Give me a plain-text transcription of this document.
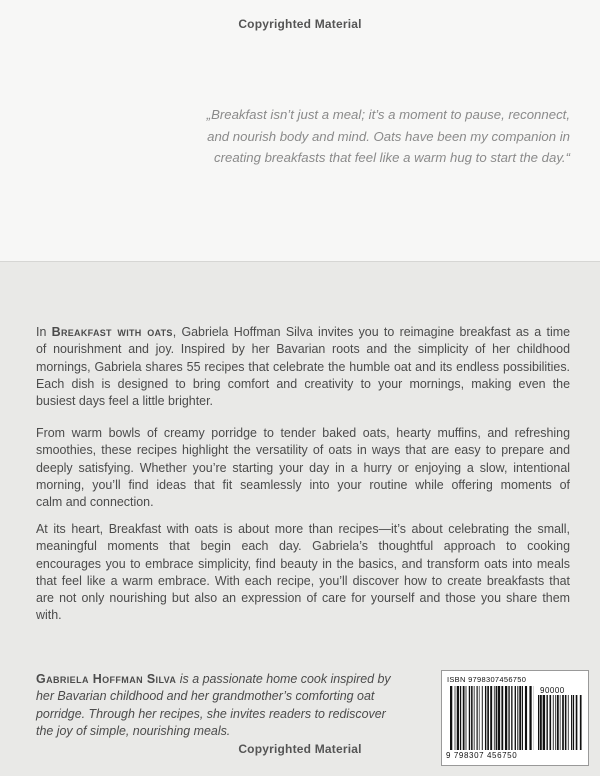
Copyrighted Material
„Breakfast isn’t just a meal; it’s a moment to pause, reconnect,
and nourish body and mind. Oats have been my companion in
creating breakfasts that feel like a warm hug to start the day.“
In Breakfast with oats, Gabriela Hoffman Silva invites you to reimagine breakfast as a time
of nourishment and joy. Inspired by her Bavarian roots and the simplicity of her childhood
mornings, Gabriela shares 55 recipes that celebrate the humble oat and its endless possibilities.
Each dish is designed to bring comfort and creativity to your mornings, making even the
busiest days feel a little brighter.
From warm bowls of creamy porridge to tender baked oats, hearty muffins, and refreshing
smoothies, these recipes highlight the versatility of oats in ways that are easy to prepare and
deeply satisfying. Whether you’re starting your day in a hurry or enjoying a slow, intentional
morning, you’ll find ideas that fit seamlessly into your routine while offering moments of
calm and connection.
At its heart, Breakfast with oats is about more than recipes—it’s about celebrating the small,
meaningful moments that begin each day. Gabriela’s thoughtful approach to cooking
encourages you to embrace simplicity, find beauty in the basics, and transform oats into meals
that feel like a warm embrace. With each recipe, you’ll discover how to create breakfasts that
are not only nourishing but also an expression of care for yourself and those you share them
with.
Gabriela Hoffman Silva is a passionate home cook inspired by
her Bavarian childhood and her grandmother’s comforting oat
porridge. Through her recipes, she invites readers to rediscover
the joy of simple, nourishing meals.
ISBN 9798307456750
90000
9 798307 456750
Copyrighted Material
